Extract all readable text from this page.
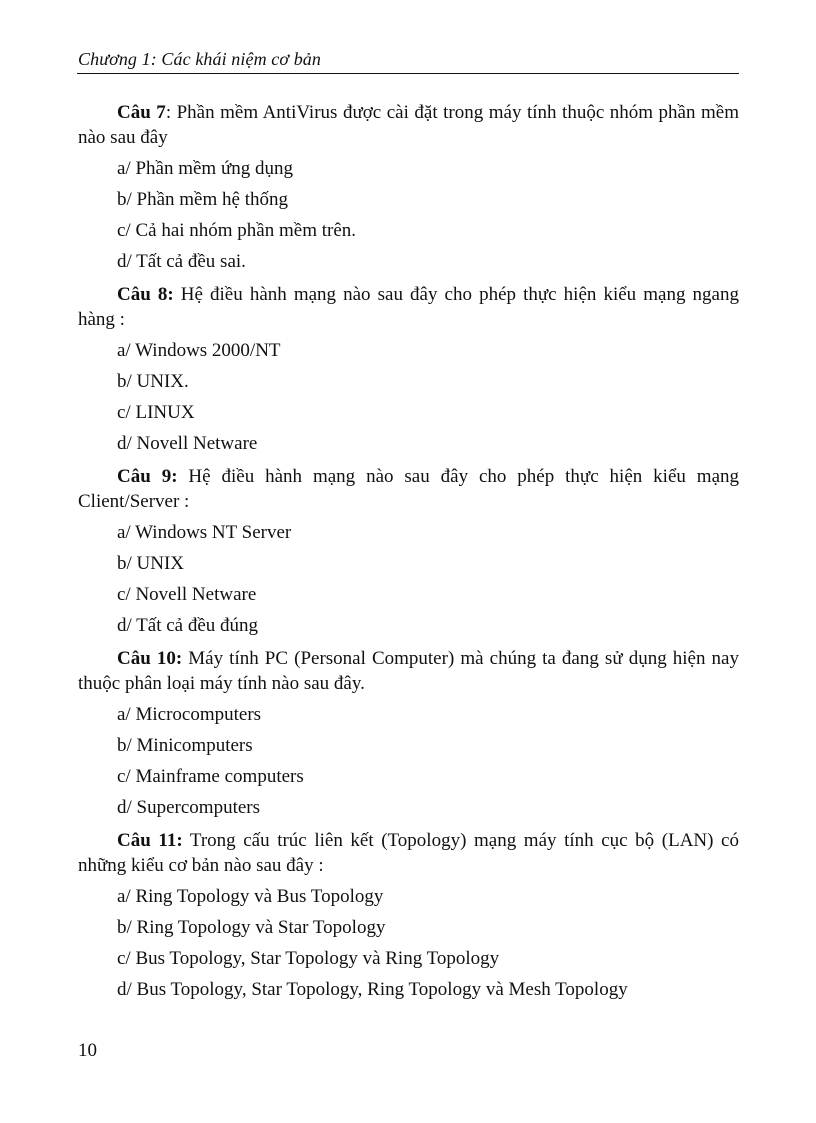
Chương 1: Các khái niệm cơ bản

Câu 7: Phần mềm AntiVirus được cài đặt trong máy tính thuộc nhóm phần mềm nào sau đây

a/ Phần mềm ứng dụng
b/ Phần mềm hệ thống
c/ Cả hai nhóm phần mềm trên.
d/ Tất cả đều sai.

Câu 8: Hệ điều hành mạng nào sau đây cho phép thực hiện kiểu mạng ngang hàng :

a/ Windows 2000/NT
b/ UNIX.
c/ LINUX
d/ Novell Netware

Câu 9: Hệ điều hành mạng nào sau đây cho phép thực hiện kiểu mạng Client/Server :

a/ Windows NT Server
b/ UNIX
c/ Novell Netware
d/ Tất cả đều đúng

Câu 10: Máy tính PC (Personal Computer) mà chúng ta đang sử dụng hiện nay thuộc phân loại máy tính nào sau đây.

a/ Microcomputers
b/ Minicomputers
c/ Mainframe computers
d/ Supercomputers

Câu 11: Trong cấu trúc liên kết (Topology) mạng máy tính cục bộ (LAN) có những kiểu cơ bản nào sau đây :

a/ Ring Topology và Bus Topology
b/ Ring Topology và Star Topology
c/ Bus Topology, Star Topology và Ring Topology
d/ Bus Topology, Star Topology, Ring Topology và Mesh Topology
10
